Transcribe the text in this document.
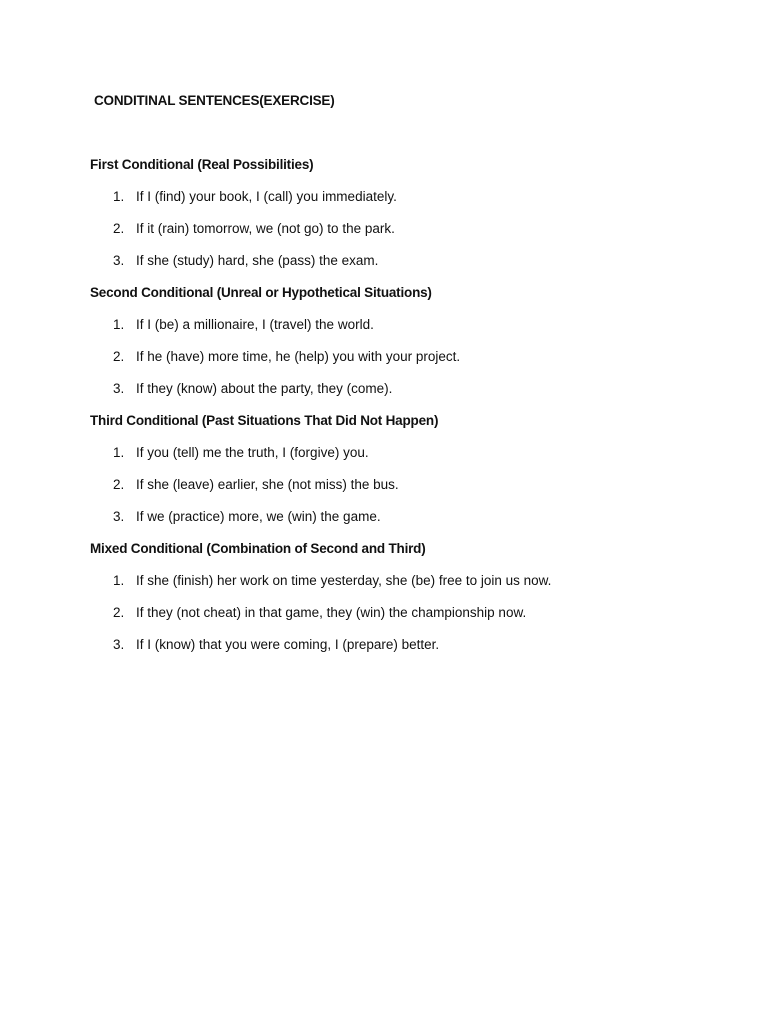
CONDITINAL SENTENCES(EXERCISE)
First Conditional (Real Possibilities)
1. If I (find) your book, I (call) you immediately.
2. If it (rain) tomorrow, we (not go) to the park.
3. If she (study) hard, she (pass) the exam.
Second Conditional (Unreal or Hypothetical Situations)
1. If I (be) a millionaire, I (travel) the world.
2. If he (have) more time, he (help) you with your project.
3. If they (know) about the party, they (come).
Third Conditional (Past Situations That Did Not Happen)
1. If you (tell) me the truth, I (forgive) you.
2. If she (leave) earlier, she (not miss) the bus.
3. If we (practice) more, we (win) the game.
Mixed Conditional (Combination of Second and Third)
1. If she (finish) her work on time yesterday, she (be) free to join us now.
2. If they (not cheat) in that game, they (win) the championship now.
3. If I (know) that you were coming, I (prepare) better.
